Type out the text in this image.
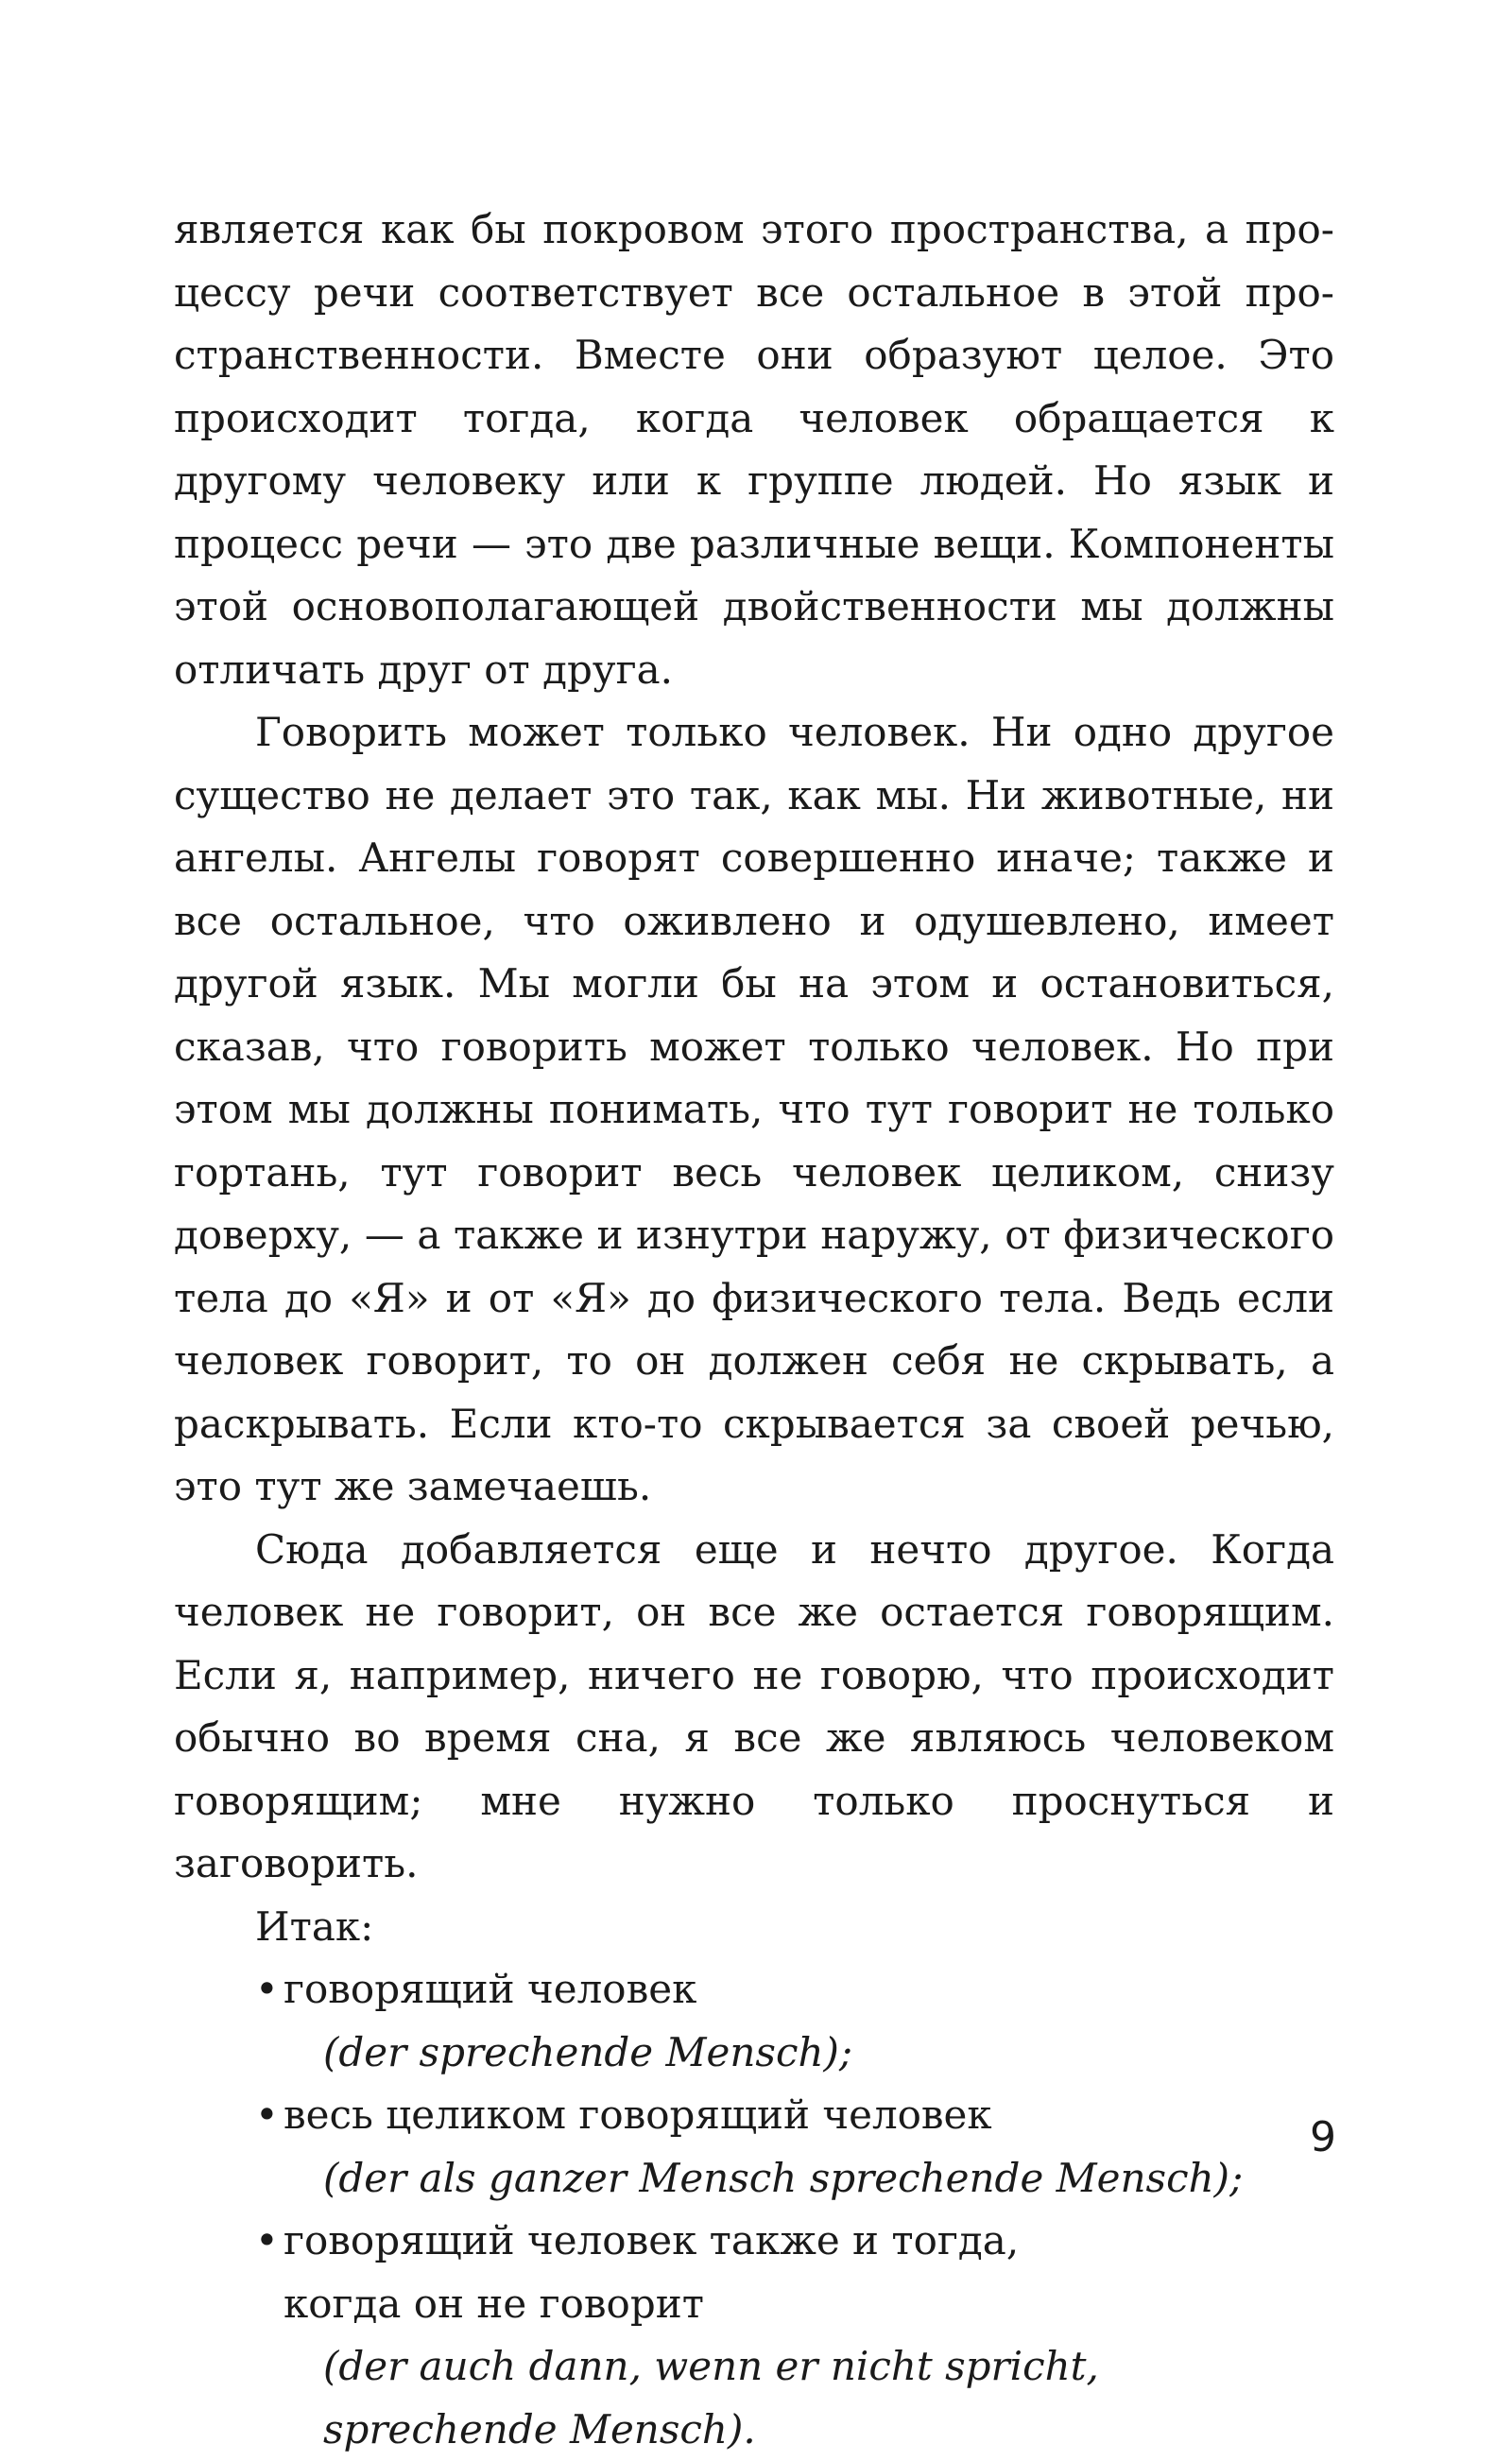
является как бы покровом этого пространства, а процессу речи соответствует все остальное в этой пространственности. Вместе они образуют целое. Это происходит тогда, когда человек обращается к другому человеку или к группе людей. Но язык и процесс речи — это две различные вещи. Компоненты этой основополагающей двойственности мы должны отличать друг от друга.

Говорить может только человек. Ни одно другое существо не делает это так, как мы. Ни животные, ни ангелы. Ангелы говорят совершенно иначе; также и все остальное, что оживлено и одушевлено, имеет другой язык. Мы могли бы на этом и остановиться, сказав, что говорить может только человек. Но при этом мы должны понимать, что тут говорит не только гортань, тут говорит весь человек целиком, снизу доверху, — а также и изнутри наружу, от физического тела до «Я» и от «Я» до физического тела. Ведь если человек говорит, то он должен себя не скрывать, а раскрывать. Если кто-то скрывается за своей речью, это тут же замечаешь.

Сюда добавляется еще и нечто другое. Когда человек не говорит, он все же остается говорящим. Если я, например, ничего не говорю, что происходит обычно во время сна, я все же являюсь человеком говорящим; мне нужно только проснуться и заговорить.

Итак:

• говорящий человек
(der sprechende Mensch);
• весь целиком говорящий человек
(der als ganzer Mensch sprechende Mensch);
• говорящий человек также и тогда,
когда он не говорит
(der auch dann, wenn er nicht spricht,
sprechende Mensch).
9
